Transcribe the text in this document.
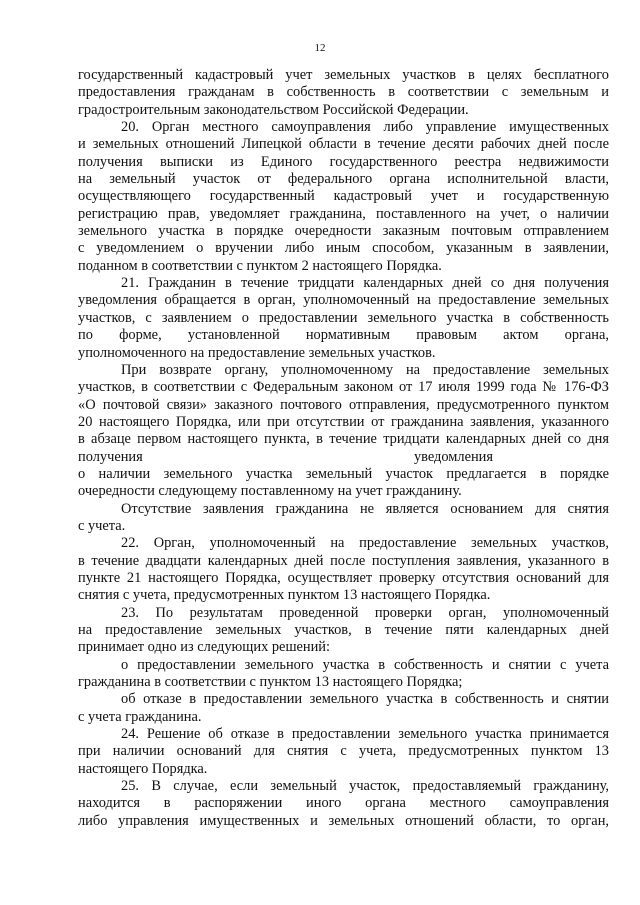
12
государственный кадастровый учет земельных участков в целях бесплатного
предоставления гражданам в собственность в соответствии с земельным и
градостроительным законодательством Российской Федерации.
20. Орган местного самоуправления либо управление имущественных
и земельных отношений Липецкой области в течение десяти рабочих дней после
получения выписки из Единого государственного реестра недвижимости
на земельный участок от федерального органа исполнительной власти,
осуществляющего государственный кадастровый учет и государственную
регистрацию прав, уведомляет гражданина, поставленного на учет, о наличии
земельного участка в порядке очередности заказным почтовым отправлением
с уведомлением о вручении либо иным способом, указанным в заявлении,
поданном в соответствии с пунктом 2 настоящего Порядка.
21. Гражданин в течение тридцати календарных дней со дня получения
уведомления обращается в орган, уполномоченный на предоставление земельных
участков, с заявлением о предоставлении земельного участка в собственность
по форме, установленной нормативным правовым актом органа,
уполномоченного на предоставление земельных участков.
При возврате органу, уполномоченному на предоставление земельных
участков, в соответствии с Федеральным законом от 17 июля 1999 года № 176-ФЗ
«О почтовой связи» заказного почтового отправления, предусмотренного пунктом
20 настоящего Порядка, или при отсутствии от гражданина заявления, указанного
в абзаце первом настоящего пункта, в течение тридцати календарных дней со дня
получения уведомления
о наличии земельного участка земельный участок предлагается в порядке
очередности следующему поставленному на учет гражданину.
Отсутствие заявления гражданина не является основанием для снятия
с учета.
22. Орган, уполномоченный на предоставление земельных участков,
в течение двадцати календарных дней после поступления заявления, указанного в
пункте 21 настоящего Порядка, осуществляет проверку отсутствия оснований для
снятия с учета, предусмотренных пунктом 13 настоящего Порядка.
23. По результатам проведенной проверки орган, уполномоченный
на предоставление земельных участков, в течение пяти календарных дней
принимает одно из следующих решений:
о предоставлении земельного участка в собственность и снятии с учета
гражданина в соответствии с пунктом 13 настоящего Порядка;
об отказе в предоставлении земельного участка в собственность и снятии
с учета гражданина.
24. Решение об отказе в предоставлении земельного участка принимается
при наличии оснований для снятия с учета, предусмотренных пунктом 13
настоящего Порядка.
25. В случае, если земельный участок, предоставляемый гражданину,
находится в распоряжении иного органа местного самоуправления
либо управления имущественных и земельных отношений области, то орган,
